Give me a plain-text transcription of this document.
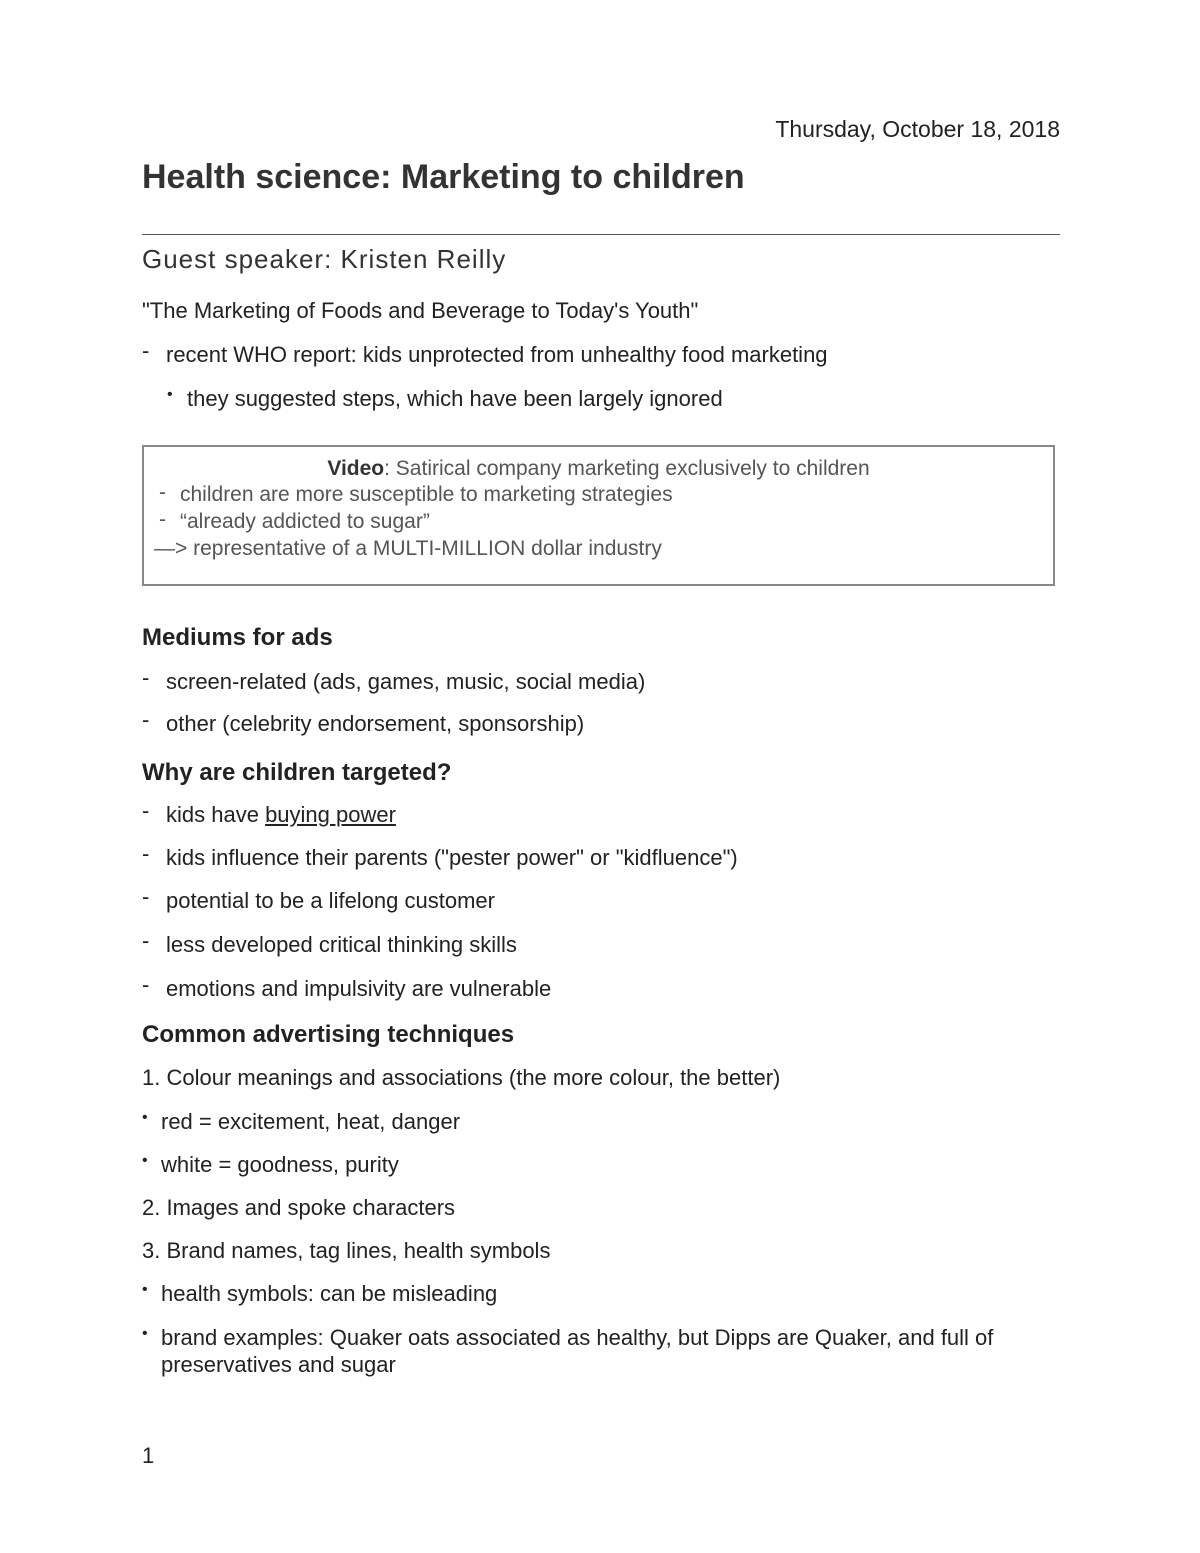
Thursday, October 18, 2018
Health science: Marketing to children
Guest speaker: Kristen Reilly
"The Marketing of Foods and Beverage to Today's Youth"
- recent WHO report: kids unprotected from unhealthy food marketing
• they suggested steps, which have been largely ignored
Video: Satirical company marketing exclusively to children
- children are more susceptible to marketing strategies
- “already addicted to sugar”
—> representative of a MULTI-MILLION dollar industry
Mediums for ads
- screen-related (ads, games, music, social media)
- other (celebrity endorsement, sponsorship)
Why are children targeted?
- kids have buying power
- kids influence their parents ("pester power" or "kidfluence")
- potential to be a lifelong customer
- less developed critical thinking skills
- emotions and impulsivity are vulnerable
Common advertising techniques
1. Colour meanings and associations (the more colour, the better)
• red = excitement, heat, danger
• white = goodness, purity
2. Images and spoke characters
3. Brand names, tag lines, health symbols
• health symbols: can be misleading
• brand examples: Quaker oats associated as healthy, but Dipps are Quaker, and full of
preservatives and sugar
1
